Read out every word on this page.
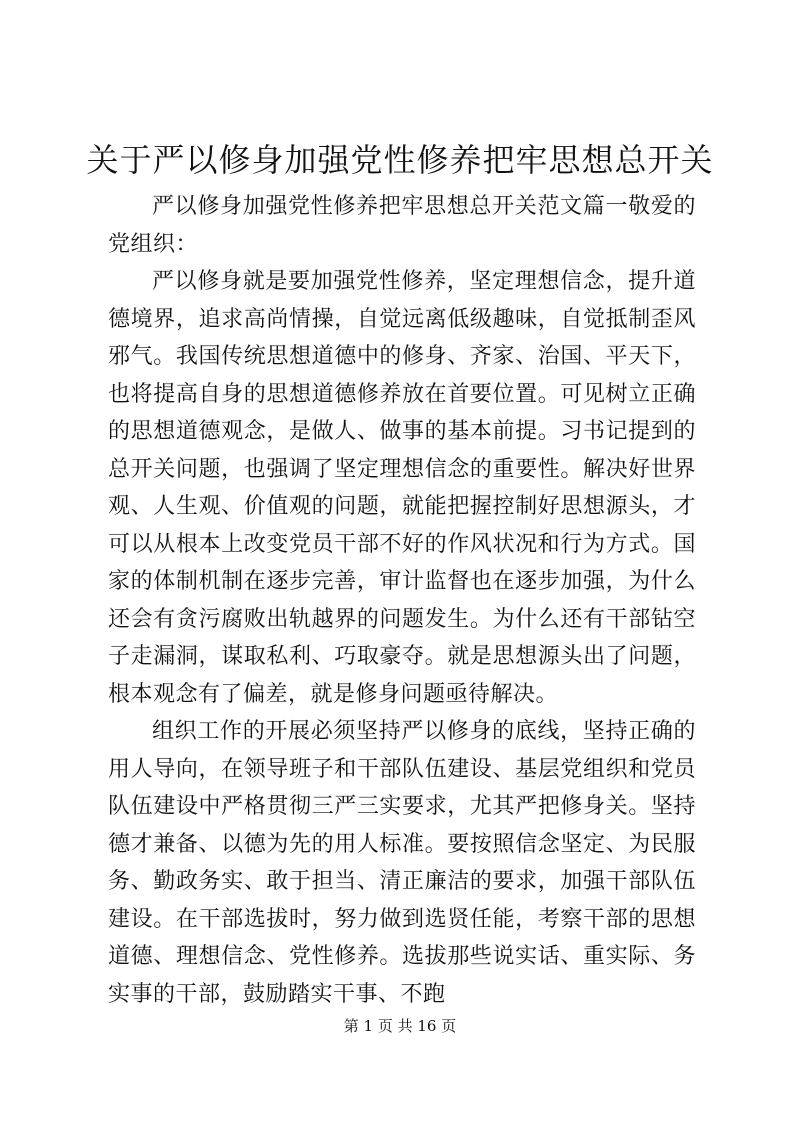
关于严以修身加强党性修养把牢思想总开关

严以修身加强党性修养把牢思想总开关范文篇一敬爱的党组织：

严以修身就是要加强党性修养，坚定理想信念，提升道德境界，追求高尚情操，自觉远离低级趣味，自觉抵制歪风邪气。我国传统思想道德中的修身、齐家、治国、平天下，也将提高自身的思想道德修养放在首要位置。可见树立正确的思想道德观念，是做人、做事的基本前提。习书记提到的总开关问题，也强调了坚定理想信念的重要性。解决好世界观、人生观、价值观的问题，就能把握控制好思想源头，才可以从根本上改变党员干部不好的作风状况和行为方式。国家的体制机制在逐步完善，审计监督也在逐步加强，为什么还会有贪污腐败出轨越界的问题发生。为什么还有干部钻空子走漏洞，谋取私利、巧取豪夺。就是思想源头出了问题，根本观念有了偏差，就是修身问题亟待解决。

组织工作的开展必须坚持严以修身的底线，坚持正确的用人导向，在领导班子和干部队伍建设、基层党组织和党员队伍建设中严格贯彻三严三实要求，尤其严把修身关。坚持德才兼备、以德为先的用人标准。要按照信念坚定、为民服务、勤政务实、敢于担当、清正廉洁的要求，加强干部队伍建设。在干部选拔时，努力做到选贤任能，考察干部的思想道德、理想信念、党性修养。选拔那些说实话、重实际、务实事的干部，鼓励踏实干事、不跑

第 1 页 共 16 页
